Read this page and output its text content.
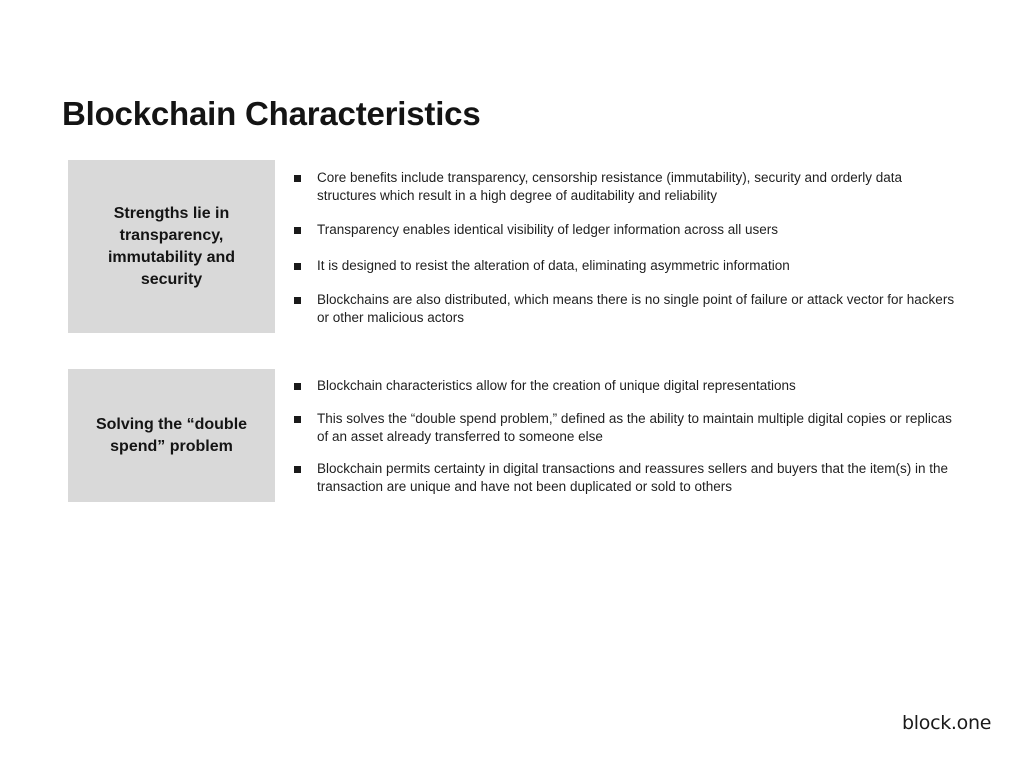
Blockchain Characteristics
Strengths lie in transparency, immutability and security
Core benefits include transparency, censorship resistance (immutability), security and orderly data structures which result in a high degree of auditability and reliability
Transparency enables identical visibility of ledger information across all users
It is designed to resist the alteration of data, eliminating asymmetric information
Blockchains are also distributed, which means there is no single point of failure or attack vector for hackers or other malicious actors
Solving the “double spend” problem
Blockchain characteristics allow for the creation of unique digital representations
This solves the “double spend problem,” defined as the ability to maintain multiple digital copies or replicas of an asset already transferred to someone else
Blockchain permits certainty in digital transactions and reassures sellers and buyers that the item(s) in the transaction are unique and have not been duplicated or sold to others
block.one
